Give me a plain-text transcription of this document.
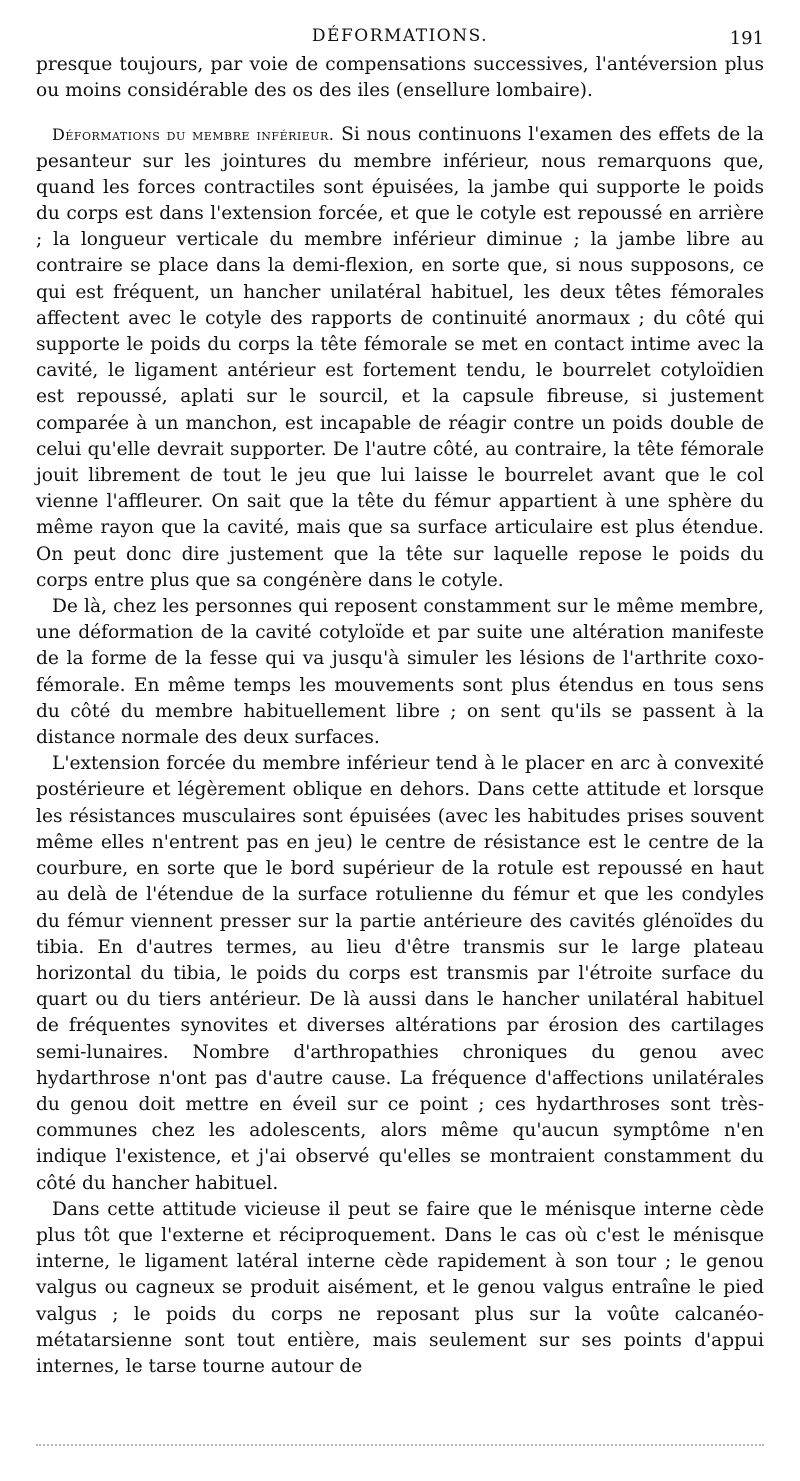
DÉFORMATIONS.	191

presque toujours, par voie de compensations successives, l'antéversion plus ou moins considérable des os des iles (ensellure lombaire).

Déformations du membre inférieur. Si nous continuons l'examen des effets de la pesanteur sur les jointures du membre inférieur, nous remarquons que, quand les forces contractiles sont épuisées, la jambe qui supporte le poids du corps est dans l'extension forcée, et que le cotyle est repoussé en arrière ; la longueur verticale du membre inférieur diminue ; la jambe libre au contraire se place dans la demi-flexion, en sorte que, si nous supposons, ce qui est fréquent, un hancher unilatéral habituel, les deux têtes fémorales affectent avec le cotyle des rapports de continuité anormaux ; du côté qui supporte le poids du corps la tête fémorale se met en contact intime avec la cavité, le ligament antérieur est fortement tendu, le bourrelet cotyloïdien est repoussé, aplati sur le sourcil, et la capsule fibreuse, si justement comparée à un manchon, est incapable de réagir contre un poids double de celui qu'elle devrait supporter. De l'autre côté, au contraire, la tête fémorale jouit librement de tout le jeu que lui laisse le bourrelet avant que le col vienne l'affleurer. On sait que la tête du fémur appartient à une sphère du même rayon que la cavité, mais que sa surface articulaire est plus étendue. On peut donc dire justement que la tête sur laquelle repose le poids du corps entre plus que sa congénère dans le cotyle.

De là, chez les personnes qui reposent constamment sur le même membre, une déformation de la cavité cotyloïde et par suite une altération manifeste de la forme de la fesse qui va jusqu'à simuler les lésions de l'arthrite coxo-fémorale. En même temps les mouvements sont plus étendus en tous sens du côté du membre habituellement libre ; on sent qu'ils se passent à la distance normale des deux surfaces.

L'extension forcée du membre inférieur tend à le placer en arc à convexité postérieure et légèrement oblique en dehors. Dans cette attitude et lorsque les résistances musculaires sont épuisées (avec les habitudes prises souvent même elles n'entrent pas en jeu) le centre de résistance est le centre de la courbure, en sorte que le bord supérieur de la rotule est repoussé en haut au delà de l'étendue de la surface rotulienne du fémur et que les condyles du fémur viennent presser sur la partie antérieure des cavités glénoïdes du tibia. En d'autres termes, au lieu d'être transmis sur le large plateau horizontal du tibia, le poids du corps est transmis par l'étroite surface du quart ou du tiers antérieur. De là aussi dans le hancher unilatéral habituel de fréquentes synovites et diverses altérations par érosion des cartilages semi-lunaires. Nombre d'arthropathies chroniques du genou avec hydarthrose n'ont pas d'autre cause. La fréquence d'affections unilatérales du genou doit mettre en éveil sur ce point ; ces hydarthroses sont très-communes chez les adolescents, alors même qu'aucun symptôme n'en indique l'existence, et j'ai observé qu'elles se montraient constamment du côté du hancher habituel.

Dans cette attitude vicieuse il peut se faire que le ménisque interne cède plus tôt que l'externe et réciproquement. Dans le cas où c'est le ménisque interne, le ligament latéral interne cède rapidement à son tour ; le genou valgus ou cagneux se produit aisément, et le genou valgus entraîne le pied valgus ; le poids du corps ne reposant plus sur la voûte calcanéo-métatarsienne sont tout entière, mais seulement sur ses points d'appui internes, le tarse tourne autour de
